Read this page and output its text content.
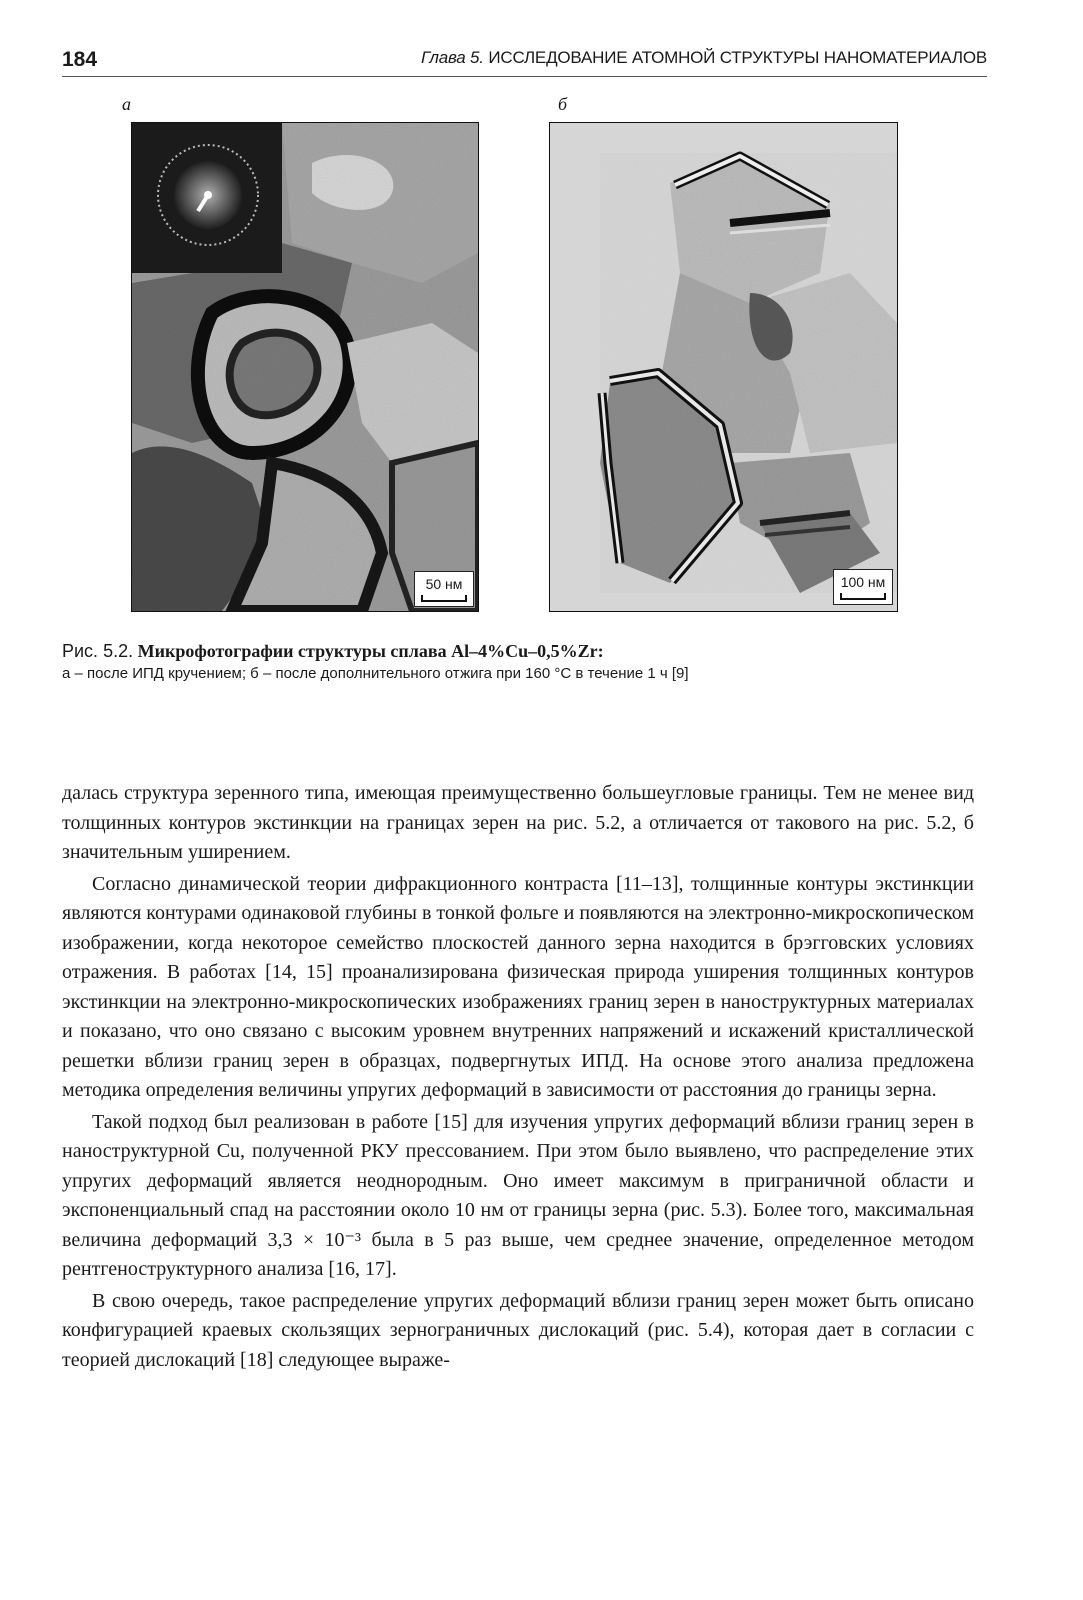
184	Глава 5. ИССЛЕДОВАНИЕ АТОМНОЙ СТРУКТУРЫ НАНОМАТЕРИАЛОВ
а	б
50 нм	100 нм
Рис. 5.2. Микрофотографии структуры сплава Al–4%Cu–0,5%Zr:
а – после ИПД кручением; б – после дополнительного отжига при 160 °С в течение 1 ч [9]

далась структура зеренного типа, имеющая преимущественно большеугловые границы. Тем не менее вид толщинных контуров экстинкции на границах зерен на рис. 5.2, а отличается от такового на рис. 5.2, б значительным уширением.

Согласно динамической теории дифракционного контраста [11–13], толщинные контуры экстинкции являются контурами одинаковой глубины в тонкой фольге и появляются на электронно-микроскопическом изображении, когда некоторое семейство плоскостей данного зерна находится в брэгговских условиях отражения. В работах [14, 15] проанализирована физическая природа уширения толщинных контуров экстинкции на электронно-микроскопических изображениях границ зерен в наноструктурных материалах и показано, что оно связано с высоким уровнем внутренних напряжений и искажений кристаллической решетки вблизи границ зерен в образцах, подвергнутых ИПД. На основе этого анализа предложена методика определения величины упругих деформаций в зависимости от расстояния до границы зерна.

Такой подход был реализован в работе [15] для изучения упругих деформаций вблизи границ зерен в наноструктурной Cu, полученной РКУ прессованием. При этом было выявлено, что распределение этих упругих деформаций является неоднородным. Оно имеет максимум в приграничной области и экспоненциальный спад на расстоянии около 10 нм от границы зерна (рис. 5.3). Более того, максимальная величина деформаций 3,3 × 10⁻³ была в 5 раз выше, чем среднее значение, определенное методом рентгеноструктурного анализа [16, 17].

В свою очередь, такое распределение упругих деформаций вблизи границ зерен может быть описано конфигурацией краевых скользящих зернограничных дислокаций (рис. 5.4), которая дает в согласии с теорией дислокаций [18] следующее выраже-
